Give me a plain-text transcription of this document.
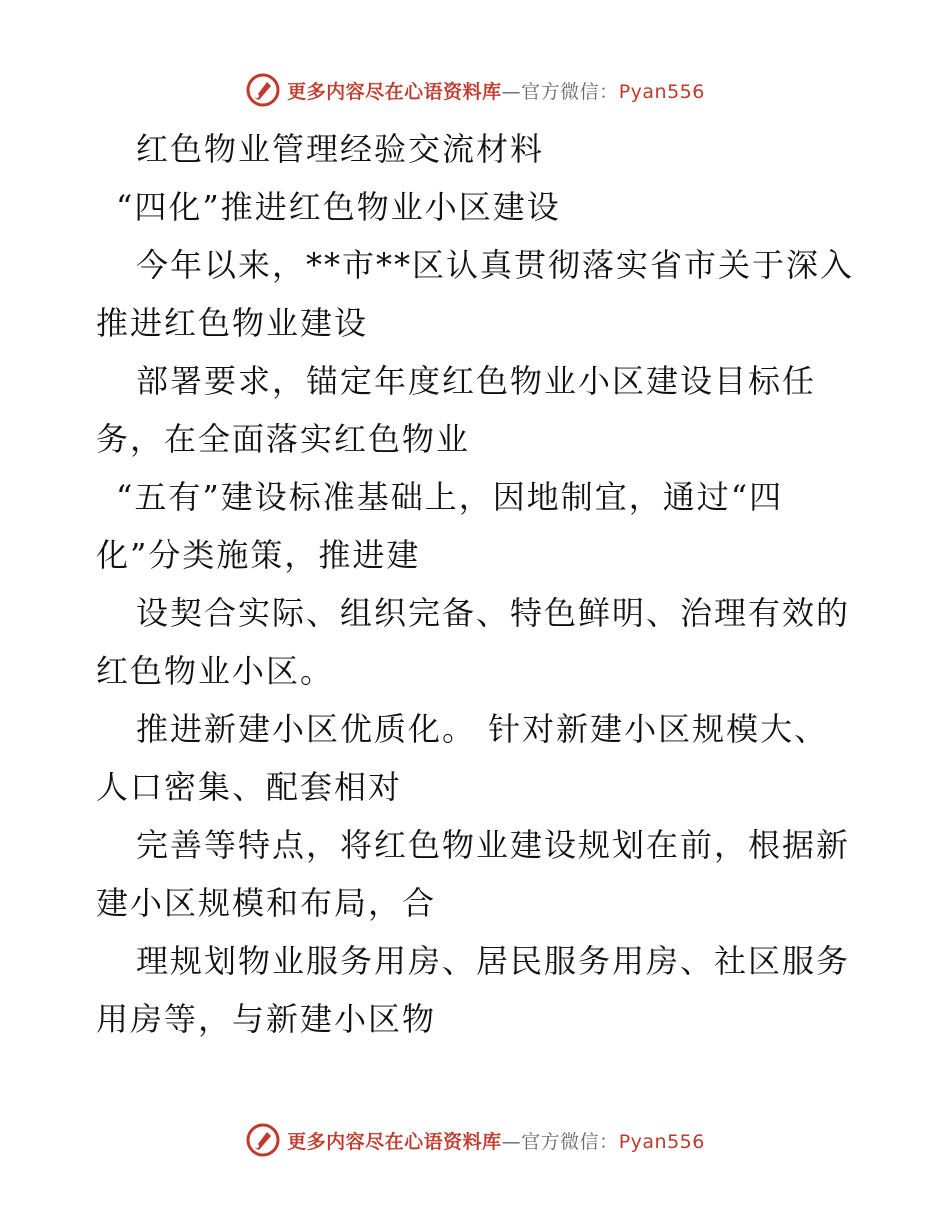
更多内容尽在心语资料库—官方微信：Pyan556
红色物业管理经验交流材料
“四化”推进红色物业小区建设
今年以来，**市**区认真贯彻落实省市关于深入
推进红色物业建设
部署要求，锚定年度红色物业小区建设目标任
务，在全面落实红色物业
“五有”建设标准基础上，因地制宜，通过“四
化”分类施策，推进建
设契合实际、组织完备、特色鲜明、治理有效的
红色物业小区。
推进新建小区优质化。 针对新建小区规模大、
人口密集、配套相对
完善等特点，将红色物业建设规划在前，根据新
建小区规模和布局，合
理规划物业服务用房、居民服务用房、社区服务
用房等，与新建小区物
更多内容尽在心语资料库—官方微信：Pyan556
